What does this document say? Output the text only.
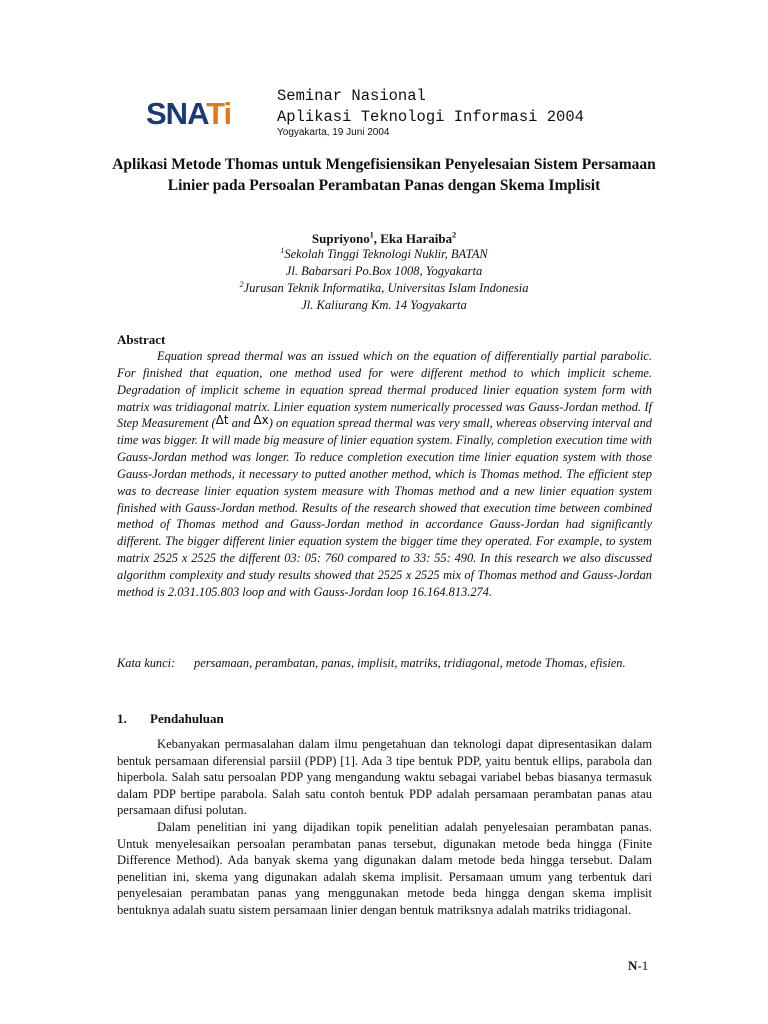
SNATi	Seminar Nasional
Aplikasi Teknologi Informasi 2004
Yogyakarta, 19 Juni 2004
Aplikasi Metode Thomas untuk Mengefisiensikan Penyelesaian Sistem Persamaan Linier pada Persoalan Perambatan Panas dengan Skema Implisit
Supriyono$^1$, Eka Haraiba$^2$
$^1$Sekolah Tinggi Teknologi Nuklir, BATAN
Jl. Babarsari Po.Box 1008, Yogyakarta
$^2$Jurusan Teknik Informatika, Universitas Islam Indonesia
Jl. Kaliurang Km. 14 Yogyakarta
Abstract

Equation spread thermal was an issued which on the equation of differentially partial parabolic. For finished that equation, one method used for were different method to which implicit scheme. Degradation of implicit scheme in equation spread thermal produced linier equation system form with matrix was tridiagonal matrix. Linier equation system numerically processed was Gauss-Jordan method. If Step Measurement (Δt and Δx) on equation spread thermal was very small, whereas observing interval and time was bigger. It will made big measure of linier equation system. Finally, completion execution time with Gauss-Jordan method was longer. To reduce completion execution time linier equation system with those Gauss-Jordan methods, it necessary to putted another method, which is Thomas method. The efficient step was to decrease linier equation system measure with Thomas method and a new linier equation system finished with Gauss-Jordan method. Results of the research showed that execution time between combined method of Thomas method and Gauss-Jordan method in accordance Gauss-Jordan had significantly different. The bigger different linier equation system the bigger time they operated. For example, to system matrix 2525 x 2525 the different 03: 05: 760 compared to 33: 55: 490. In this research we also discussed algorithm complexity and study results showed that 2525 x 2525 mix of Thomas method and Gauss-Jordan method is 2.031.105.803 loop and with Gauss-Jordan loop 16.164.813.274.

Kata kunci: persamaan, perambatan, panas, implisit, matriks, tridiagonal, metode Thomas, efisien.
1. Pendahuluan

Kebanyakan permasalahan dalam ilmu pengetahuan dan teknologi dapat dipresentasikan dalam bentuk persamaan diferensial parsiil (PDP) [1]. Ada 3 tipe bentuk PDP, yaitu bentuk ellips, parabola dan hiperbola. Salah satu persoalan PDP yang mengandung waktu sebagai variabel bebas biasanya termasuk dalam PDP bertipe parabola. Salah satu contoh bentuk PDP adalah persamaan perambatan panas atau persamaan difusi polutan.

Dalam penelitian ini yang dijadikan topik penelitian adalah penyelesaian perambatan panas. Untuk menyelesaikan persoalan perambatan panas tersebut, digunakan metode beda hingga (Finite Difference Method). Ada banyak skema yang digunakan dalam metode beda hingga tersebut. Dalam penelitian ini, skema yang digunakan adalah skema implisit. Persamaan umum yang terbentuk dari penyelesaian perambatan panas yang menggunakan metode beda hingga dengan skema implisit bentuknya adalah suatu sistem persamaan linier dengan bentuk matriksnya adalah matriks tridiagonal.

N-1
